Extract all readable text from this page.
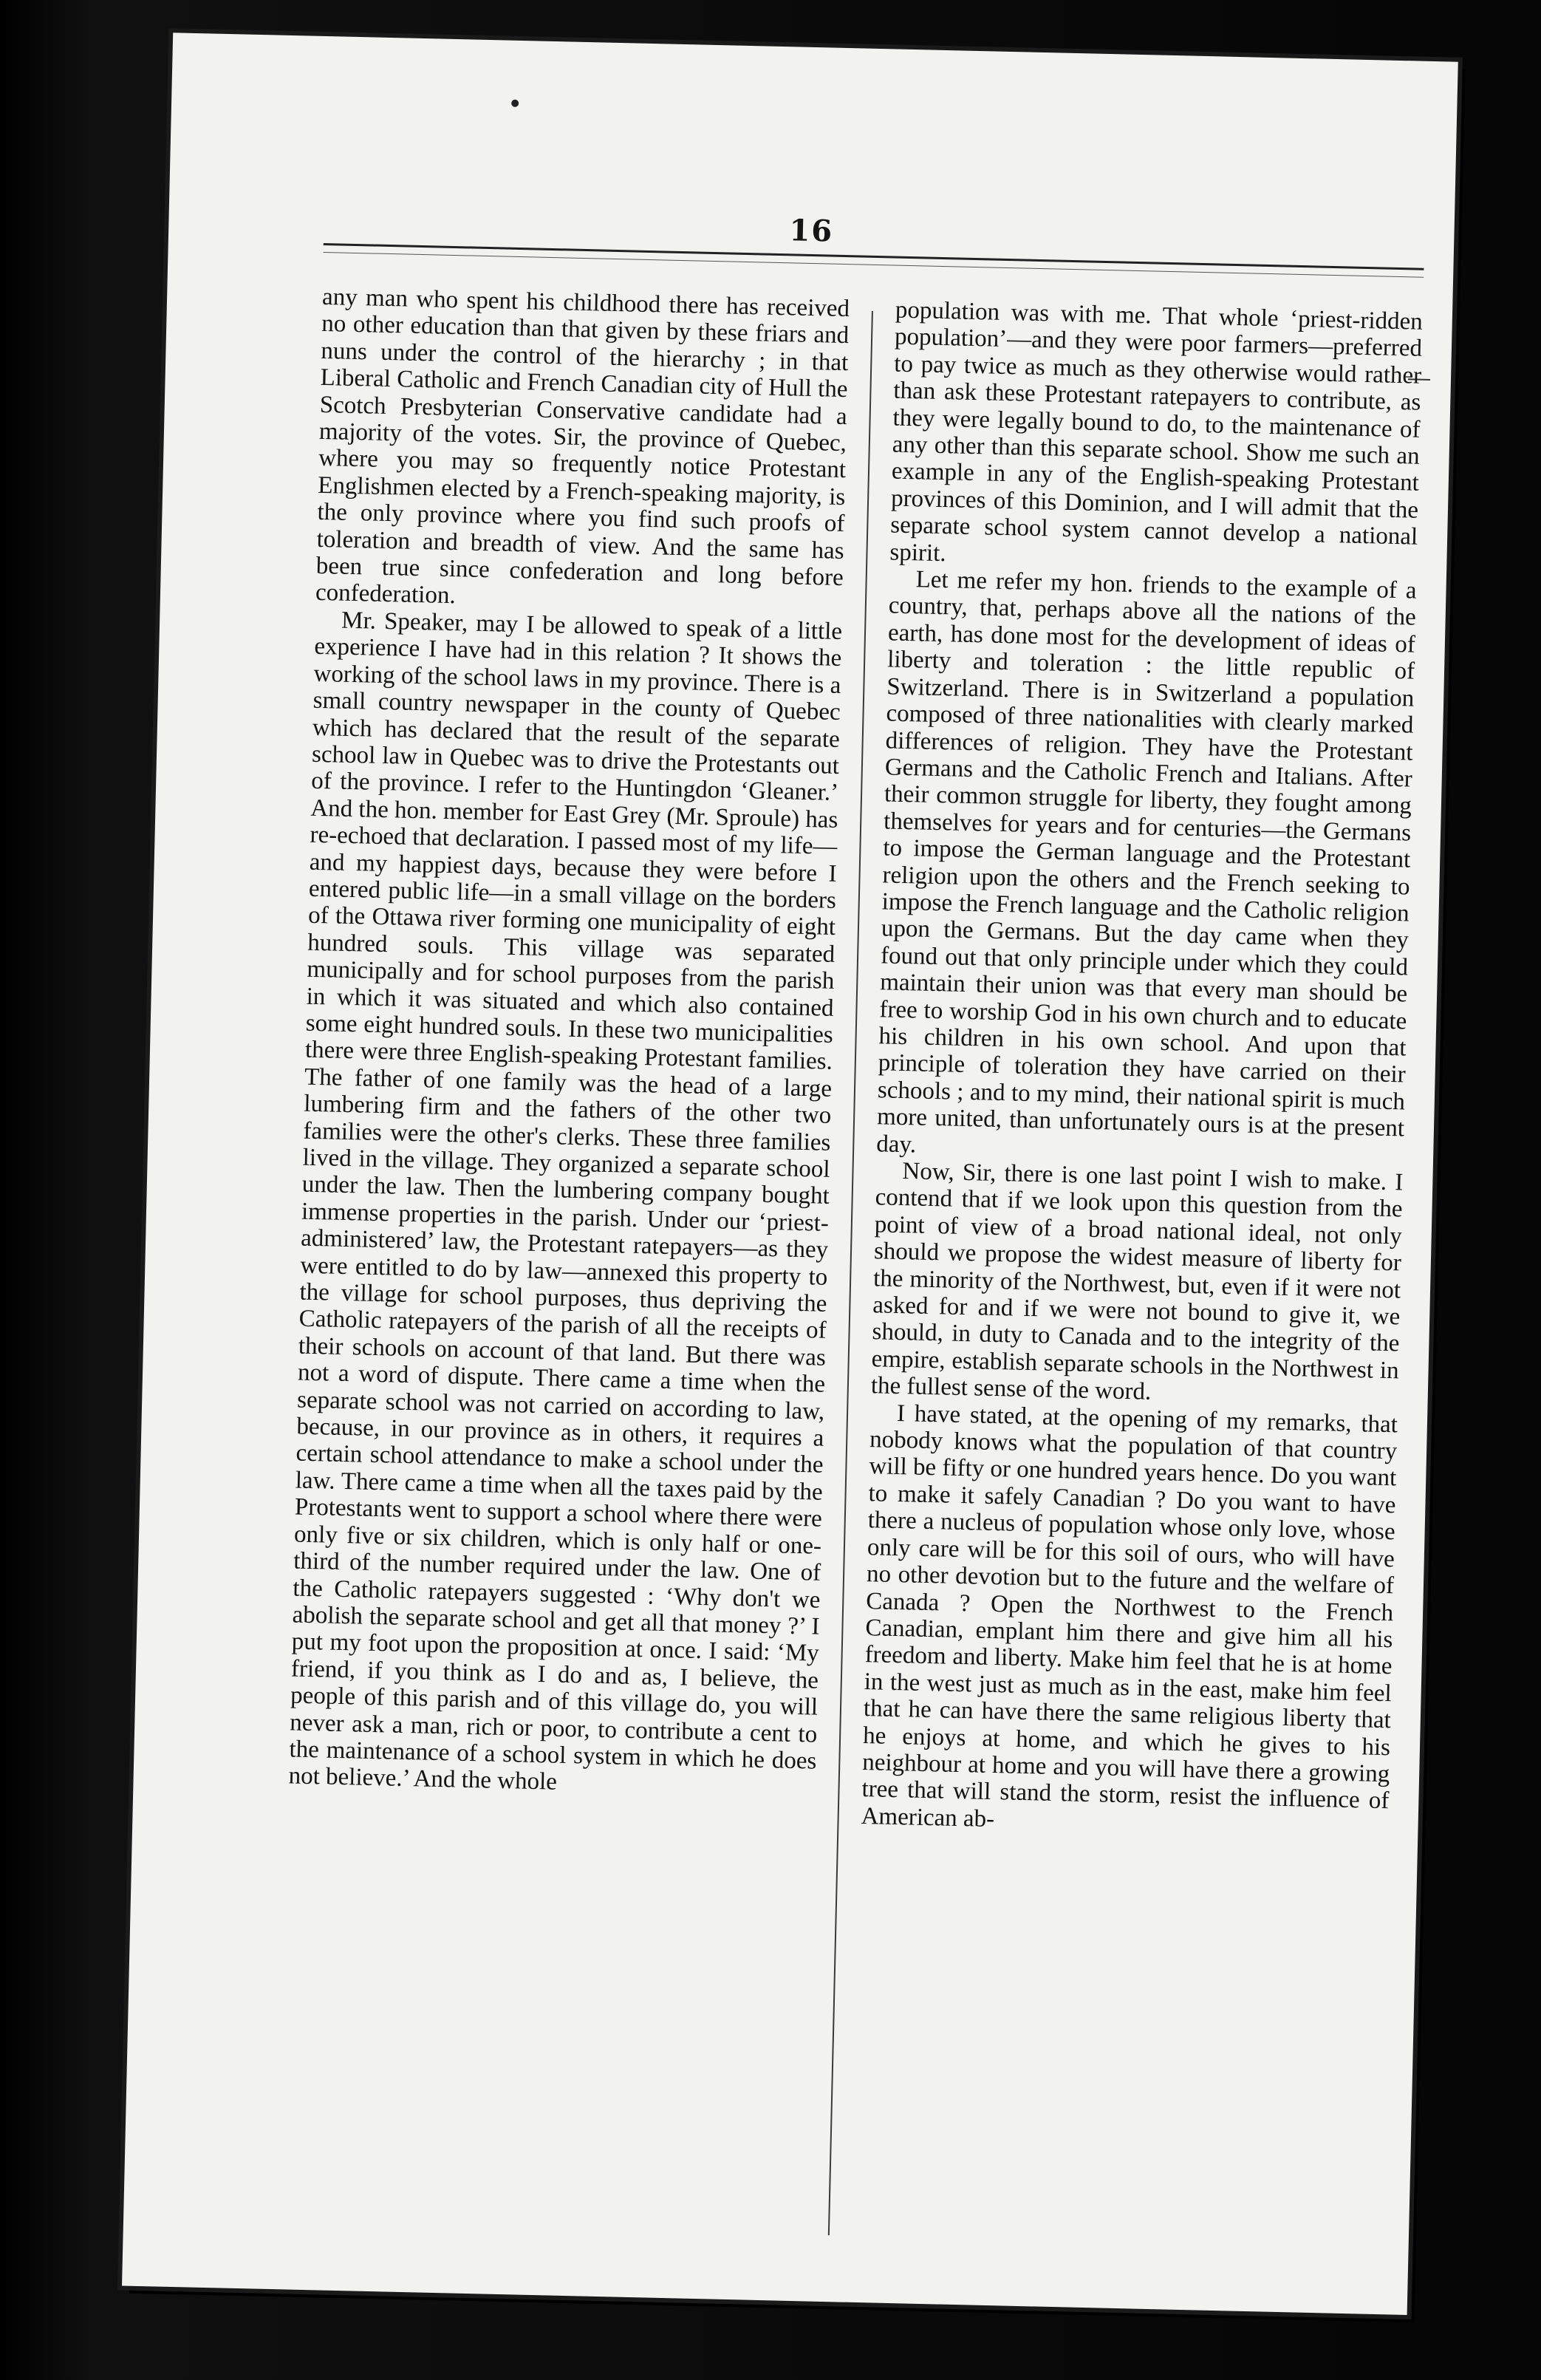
16

any man who spent his childhood there has received no other education than that given by these friars and nuns under the control of the hierarchy ; in that Liberal Catholic and French Canadian city of Hull the Scotch Presbyterian Conservative candidate had a majority of the votes. Sir, the province of Quebec, where you may so frequently notice Protestant Englishmen elected by a French-speaking majority, is the only province where you find such proofs of toleration and breadth of view. And the same has been true since confederation and long before confederation.

Mr. Speaker, may I be allowed to speak of a little experience I have had in this relation ? It shows the working of the school laws in my province. There is a small country newspaper in the county of Quebec which has declared that the result of the separate school law in Quebec was to drive the Protestants out of the province. I refer to the Huntingdon ‘Gleaner.’ And the hon. member for East Grey (Mr. Sproule) has re-echoed that declaration. I passed most of my life—and my happiest days, because they were before I entered public life—in a small village on the borders of the Ottawa river forming one municipality of eight hundred souls. This village was separated municipally and for school purposes from the parish in which it was situated and which also contained some eight hundred souls. In these two municipalities there were three English-speaking Protestant families. The father of one family was the head of a large lumbering firm and the fathers of the other two families were the other's clerks. These three families lived in the village. They organized a separate school under the law. Then the lumbering company bought immense properties in the parish. Under our ‘priest-administered’ law, the Protestant ratepayers—as they were entitled to do by law—annexed this property to the village for school purposes, thus depriving the Catholic ratepayers of the parish of all the receipts of their schools on account of that land. But there was not a word of dispute. There came a time when the separate school was not carried on according to law, because, in our province as in others, it requires a certain school attendance to make a school under the law. There came a time when all the taxes paid by the Protestants went to support a school where there were only five or six children, which is only half or one-third of the number required under the law. One of the Catholic ratepayers suggested : ‘Why don't we abolish the separate school and get all that money ?’ I put my foot upon the proposition at once. I said: ‘My friend, if you think as I do and as, I believe, the people of this parish and of this village do, you will never ask a man, rich or poor, to contribute a cent to the maintenance of a school system in which he does not believe.’ And the whole

population was with me. That whole ‘priest-ridden population’—and they were poor farmers—preferred to pay twice as much as they otherwise would rather than ask these Protestant ratepayers to contribute, as they were legally bound to do, to the maintenance of any other than this separate school. Show me such an example in any of the English-speaking Protestant provinces of this Dominion, and I will admit that the separate school system cannot develop a national spirit.

Let me refer my hon. friends to the example of a country, that, perhaps above all the nations of the earth, has done most for the development of ideas of liberty and toleration : the little republic of Switzerland. There is in Switzerland a population composed of three nationalities with clearly marked differences of religion. They have the Protestant Germans and the Catholic French and Italians. After their common struggle for liberty, they fought among themselves for years and for centuries—the Germans to impose the German language and the Protestant religion upon the others and the French seeking to impose the French language and the Catholic religion upon the Germans. But the day came when they found out that only principle under which they could maintain their union was that every man should be free to worship God in his own church and to educate his children in his own school. And upon that principle of toleration they have carried on their schools ; and to my mind, their national spirit is much more united, than unfortunately ours is at the present day.

Now, Sir, there is one last point I wish to make. I contend that if we look upon this question from the point of view of a broad national ideal, not only should we propose the widest measure of liberty for the minority of the Northwest, but, even if it were not asked for and if we were not bound to give it, we should, in duty to Canada and to the integrity of the empire, establish separate schools in the Northwest in the fullest sense of the word.

I have stated, at the opening of my remarks, that nobody knows what the population of that country will be fifty or one hundred years hence. Do you want to make it safely Canadian ? Do you want to have there a nucleus of population whose only love, whose only care will be for this soil of ours, who will have no other devotion but to the future and the welfare of Canada ? Open the Northwest to the French Canadian, emplant him there and give him all his freedom and liberty. Make him feel that he is at home in the west just as much as in the east, make him feel that he can have there the same religious liberty that he enjoys at home, and which he gives to his neighbour at home and you will have there a growing tree that will stand the storm, resist the influence of American ab-
